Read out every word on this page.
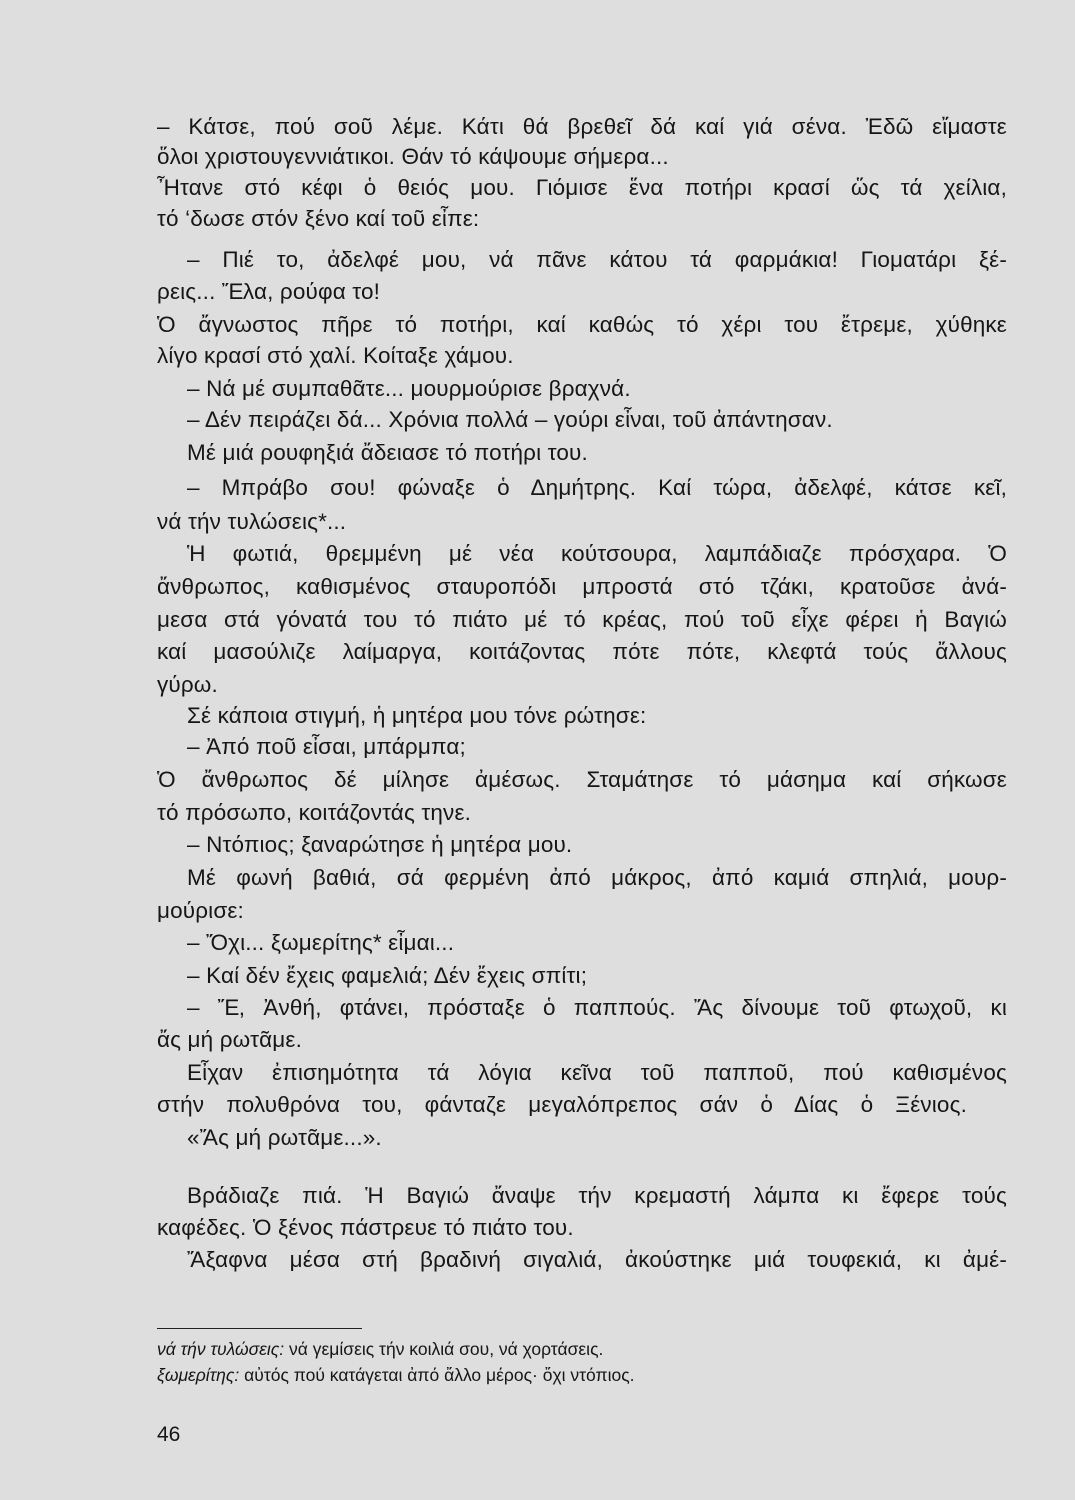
– Κάτσε, πού σοῦ λέμε. Κάτι θά βρεθεῖ δά καί γιά σένα. Ἐδῶ εἴμαστε
ὅλοι χριστουγεννιάτικοι. Θάν τό κάψουμε σήμερα...
Ἦτανε στό κέφι ὁ θειός μου. Γιόμισε ἕνα ποτήρι κρασί ὥς τά χείλια,
τό ‘δωσε στόν ξένο καί τοῦ εἶπε:
– Πιέ το, ἀδελφέ μου, νά πᾶνε κάτου τά φαρμάκια! Γιοματάρι ξέ-
ρεις... Ἔλα, ρούφα το!
Ὁ ἄγνωστος πῆρε τό ποτήρι, καί καθώς τό χέρι του ἔτρεμε, χύθηκε
λίγο κρασί στό χαλί. Κοίταξε χάμου.
– Νά μέ συμπαθᾶτε... μουρμούρισε βραχνά.
– Δέν πειράζει δά... Χρόνια πολλά – γούρι εἶναι, τοῦ ἀπάντησαν.
Μέ μιά ρουφηξιά ἄδειασε τό ποτήρι του.
– Μπράβο σου! φώναξε ὁ Δημήτρης. Καί τώρα, ἀδελφέ, κάτσε κεῖ,
νά τήν τυλώσεις*...
Ἡ φωτιά, θρεμμένη μέ νέα κούτσουρα, λαμπάδιαζε πρόσχαρα. Ὁ
ἄνθρωπος, καθισμένος σταυροπόδι μπροστά στό τζάκι, κρατοῦσε ἀνά-
μεσα στά γόνατά του τό πιάτο μέ τό κρέας, πού τοῦ εἶχε φέρει ἡ Βαγιώ
καί μασούλιζε λαίμαργα, κοιτάζοντας πότε πότε, κλεφτά τούς ἄλλους
γύρω.
Σέ κάποια στιγμή, ἡ μητέρα μου τόνε ρώτησε:
– Ἀπό ποῦ εἶσαι, μπάρμπα;
Ὁ ἄνθρωπος δέ μίλησε ἀμέσως. Σταμάτησε τό μάσημα καί σήκωσε
τό πρόσωπο, κοιτάζοντάς τηνε.
– Ντόπιος; ξαναρώτησε ἡ μητέρα μου.
Μέ φωνή βαθιά, σά φερμένη ἀπό μάκρος, ἀπό καμιά σπηλιά, μουρ-
μούρισε:
– Ὄχι... ξωμερίτης* εἶμαι...
– Καί δέν ἔχεις φαμελιά; Δέν ἔχεις σπίτι;
– Ἔ, Ἀνθή, φτάνει, πρόσταξε ὁ παππούς. Ἄς δίνουμε τοῦ φτωχοῦ, κι
ἄς μή ρωτᾶμε.
Εἶχαν ἐπισημότητα τά λόγια κεῖνα τοῦ παπποῦ, πού καθισμένος
στήν πολυθρόνα του, φάνταζε μεγαλόπρεπος σάν ὁ Δίας ὁ Ξένιος.
«Ἄς μή ρωτᾶμε...».
Βράδιαζε πιά. Ἡ Βαγιώ ἄναψε τήν κρεμαστή λάμπα κι ἔφερε τούς
καφέδες. Ὁ ξένος πάστρευε τό πιάτο του.
Ἄξαφνα μέσα στή βραδινή σιγαλιά, ἀκούστηκε μιά τουφεκιά, κι ἀμέ-
νά τήν τυλώσεις: νά γεμίσεις τήν κοιλιά σου, νά χορτάσεις.
ξωμερίτης: αὐτός πού κατάγεται ἀπό ἄλλο μέρος· ὄχι ντόπιος.
46
